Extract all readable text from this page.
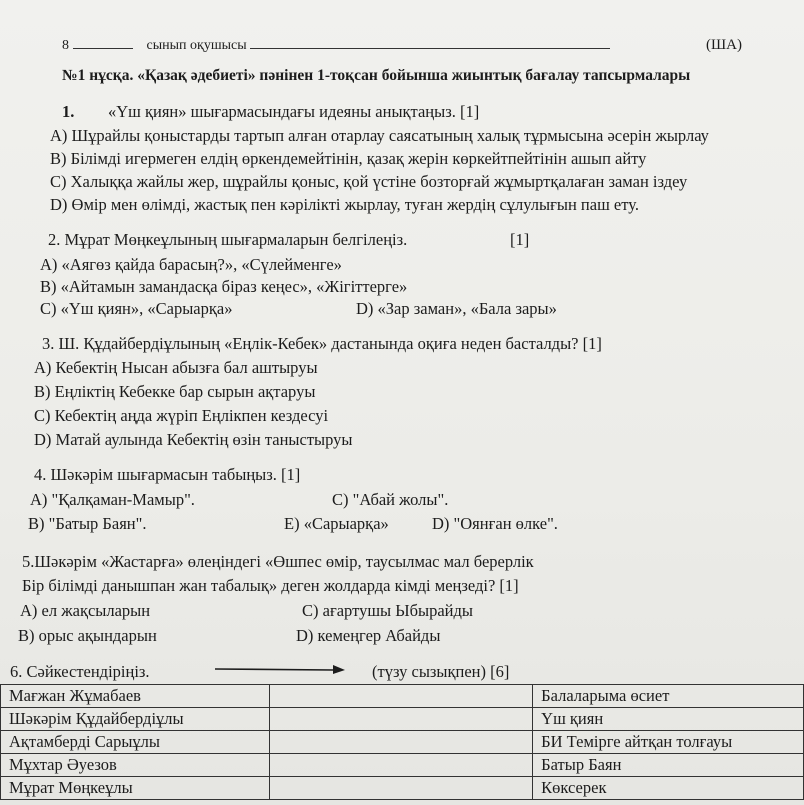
8	сынып оқушысы	(ША)
№1 нұсқа. «Қазақ әдебиеті» пәнінен 1-тоқсан бойынша жиынтық бағалау тапсырмалары
1. «Үш қиян» шығармасындағы идеяны анықтаңыз. [1]
A) Шұрайлы қоныстарды тартып алған отарлау саясатының халық тұрмысына әсерін жырлау
B) Білімді игермеген елдің өркендемейтінін, қазақ жерін көркейтпейтінін ашып айту
C) Халыққа жайлы жер, шұрайлы қоныс, қой үстіне бозторғай жұмыртқалаған заман іздеу
D) Өмір мен өлімді, жастық пен кәрілікті жырлау, туған жердің сұлулығын паш ету.
2. Мұрат Мөңкеұлының шығармаларын белгілеңіз.	[1]
A) «Аягөз қайда барасың?», «Сүлейменге»
B) «Айтамын замандасқа біраз кеңес», «Жігіттерге»
C) «Үш қиян», «Сарыарқа»	D) «Зар заман», «Бала зары»
3. Ш. Құдайбердіұлының «Еңлік-Кебек» дастанында оқиға неден басталды? [1]
A) Кебектің Нысан абызға бал аштыруы
B) Еңліктің Кебекке бар сырын ақтаруы
C) Кебектің аңда жүріп Еңлікпен кездесуі
D) Матай аулында Кебектің өзін таныстыруы
4. Шәкәрім шығармасын табыңыз. [1]
A) "Қалқаман-Мамыр".	C) "Абай жолы".
B) "Батыр Баян".	E) «Сарыарқа»	D) "Оянған өлке".
5.Шәкәрім «Жастарға» өлеңіндегі «Өшпес өмір, таусылмас мал берерлік
Бір білімді данышпан жан табалық» деген жолдарда кімді меңзеді? [1]
A) ел жақсыларын	C) ағартушы Ыбырайды
B) орыс ақындарын	D) кемеңгер Абайды
6. Сәйкестендіріңіз.	(түзу сызықпен) [6]
Мағжан Жұмабаев		Балаларыма өсиет
Шәкәрім Құдайбердіұлы		Үш қиян
Ақтамберді Сарыұлы		БИ Темірге айтқан толғауы
Мұхтар Әуезов		Батыр Баян
Мұрат Мөңкеұлы		Көксерек
